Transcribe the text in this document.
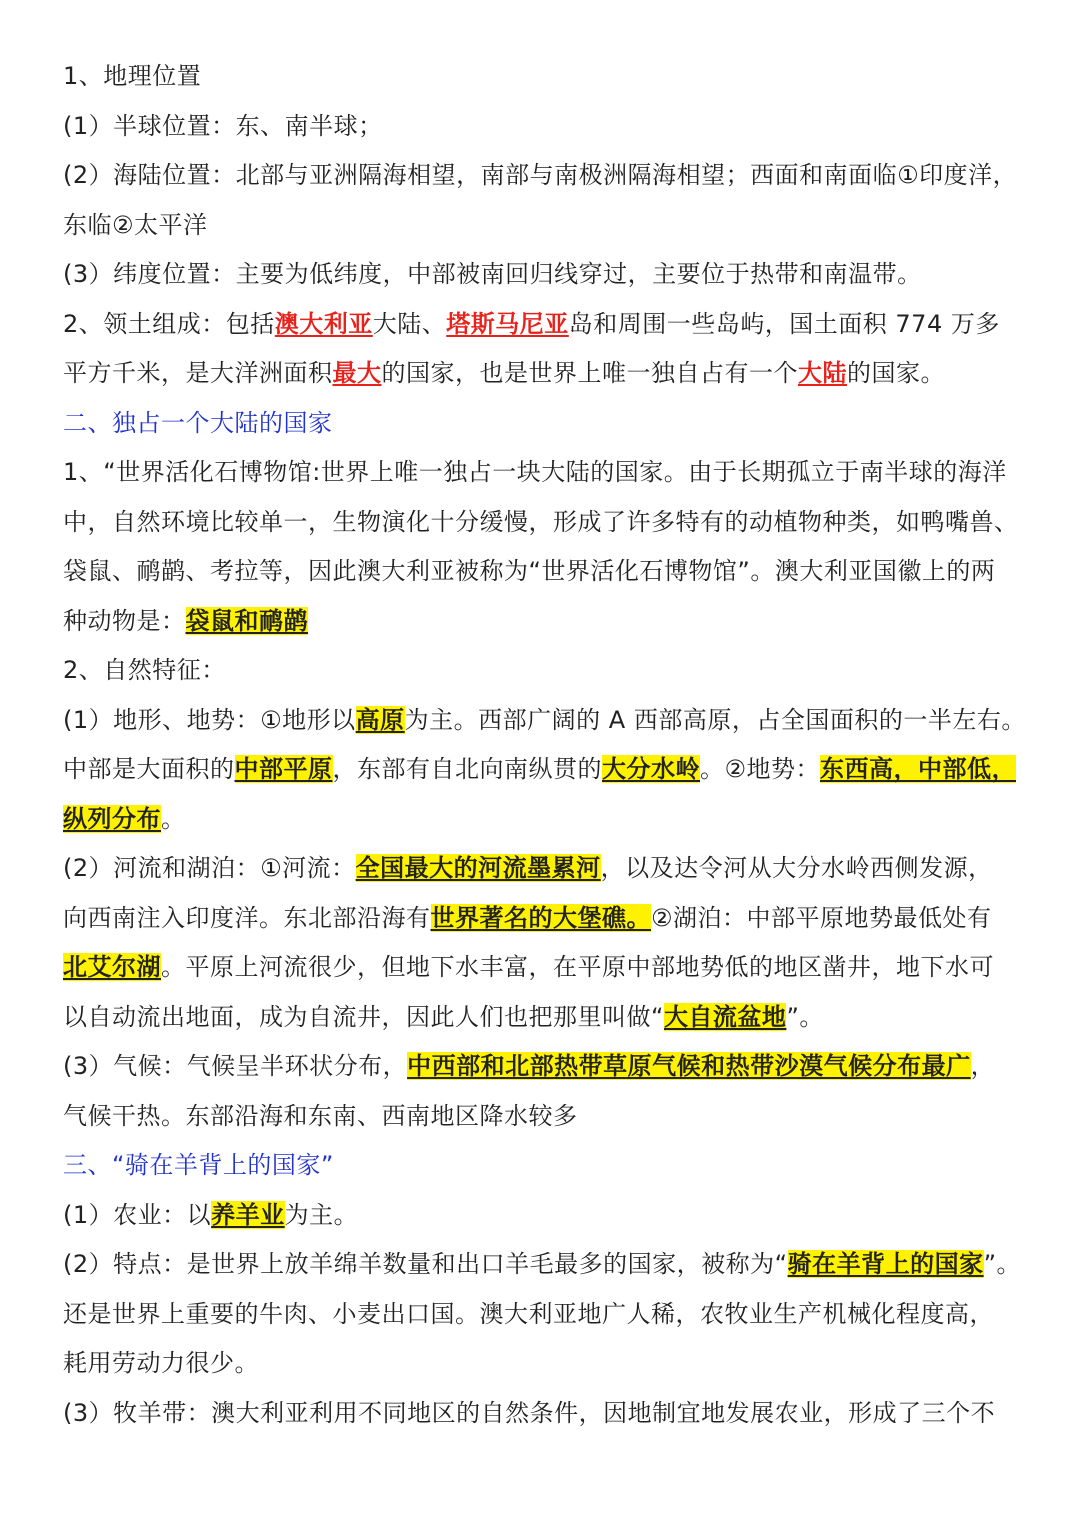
1、地理位置
(1）半球位置：东、南半球；
(2）海陆位置：北部与亚洲隔海相望，南部与南极洲隔海相望；西面和南面临①印度洋，
东临②太平洋
(3）纬度位置：主要为低纬度，中部被南回归线穿过，主要位于热带和南温带。
2、领土组成：包括澳大利亚大陆、塔斯马尼亚岛和周围一些岛屿，国土面积 774 万多
平方千米，是大洋洲面积最大的国家，也是世界上唯一独自占有一个大陆的国家。
二、独占一个大陆的国家
1、“世界活化石博物馆:世界上唯一独占一块大陆的国家。由于长期孤立于南半球的海洋
中，自然环境比较单一，生物演化十分缓慢，形成了许多特有的动植物种类，如鸭嘴兽、
袋鼠、鸸鹋、考拉等，因此澳大利亚被称为“世界活化石博物馆”。澳大利亚国徽上的两
种动物是：袋鼠和鸸鹋
2、自然特征：
(1）地形、地势：①地形以高原为主。西部广阔的 A 西部高原，占全国面积的一半左右。
中部是大面积的中部平原，东部有自北向南纵贯的大分水岭。②地势：东西高，中部低，
纵列分布。
(2）河流和湖泊：①河流：全国最大的河流墨累河，以及达令河从大分水岭西侧发源，
向西南注入印度洋。东北部沿海有世界著名的大堡礁。②湖泊：中部平原地势最低处有
北艾尔湖。平原上河流很少，但地下水丰富，在平原中部地势低的地区凿井，地下水可
以自动流出地面，成为自流井，因此人们也把那里叫做“大自流盆地”。
(3）气候：气候呈半环状分布，中西部和北部热带草原气候和热带沙漠气候分布最广，
气候干热。东部沿海和东南、西南地区降水较多
三、“骑在羊背上的国家”
(1）农业：以养羊业为主。
(2）特点：是世界上放羊绵羊数量和出口羊毛最多的国家，被称为“骑在羊背上的国家”。
还是世界上重要的牛肉、小麦出口国。澳大利亚地广人稀，农牧业生产机械化程度高，
耗用劳动力很少。
(3）牧羊带：澳大利亚利用不同地区的自然条件，因地制宜地发展农业，形成了三个不
